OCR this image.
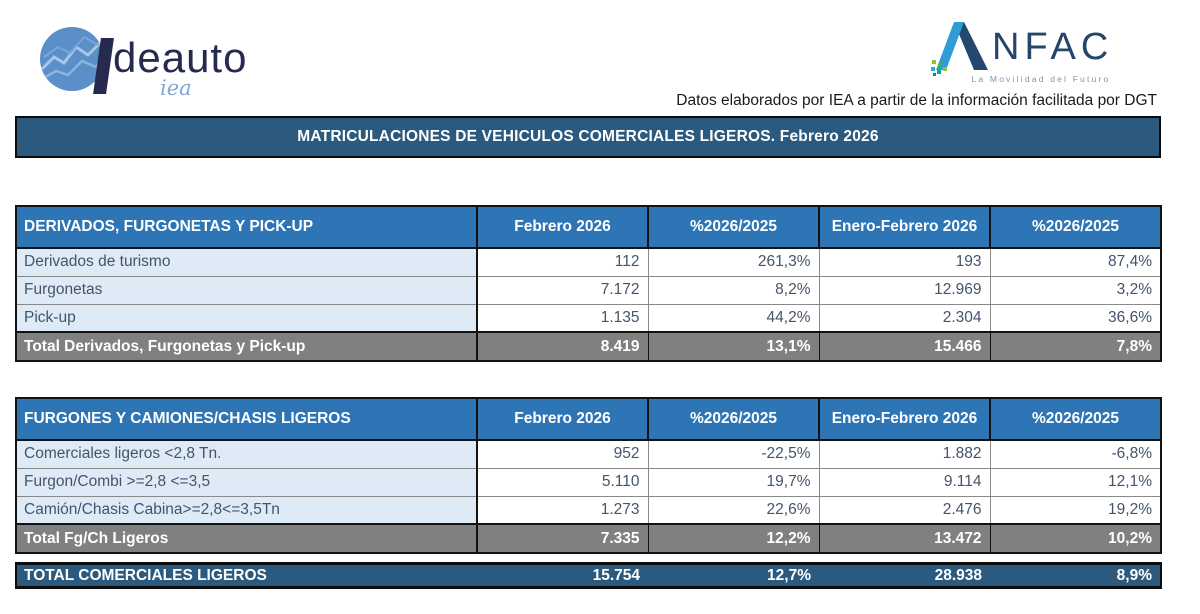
deauto
iea
NFAC
La Movilidad del Futuro
Datos elaborados por IEA a partir de la información facilitada por DGT
MATRICULACIONES DE VEHICULOS COMERCIALES LIGEROS. Febrero 2026
DERIVADOS, FURGONETAS Y PICK-UP	Febrero 2026	%2026/2025	Enero-Febrero 2026	%2026/2025
Derivados de turismo	112	261,3%	193	87,4%
Furgonetas	7.172	8,2%	12.969	3,2%
Pick-up	1.135	44,2%	2.304	36,6%
Total Derivados, Furgonetas y Pick-up	8.419	13,1%	15.466	7,8%
FURGONES Y CAMIONES/CHASIS LIGEROS	Febrero 2026	%2026/2025	Enero-Febrero 2026	%2026/2025
Comerciales ligeros <2,8 Tn.	952	-22,5%	1.882	-6,8%
Furgon/Combi >=2,8 <=3,5	5.110	19,7%	9.114	12,1%
Camión/Chasis Cabina>=2,8<=3,5Tn	1.273	22,6%	2.476	19,2%
Total Fg/Ch Ligeros	7.335	12,2%	13.472	10,2%
TOTAL COMERCIALES LIGEROS	15.754	12,7%	28.938	8,9%
